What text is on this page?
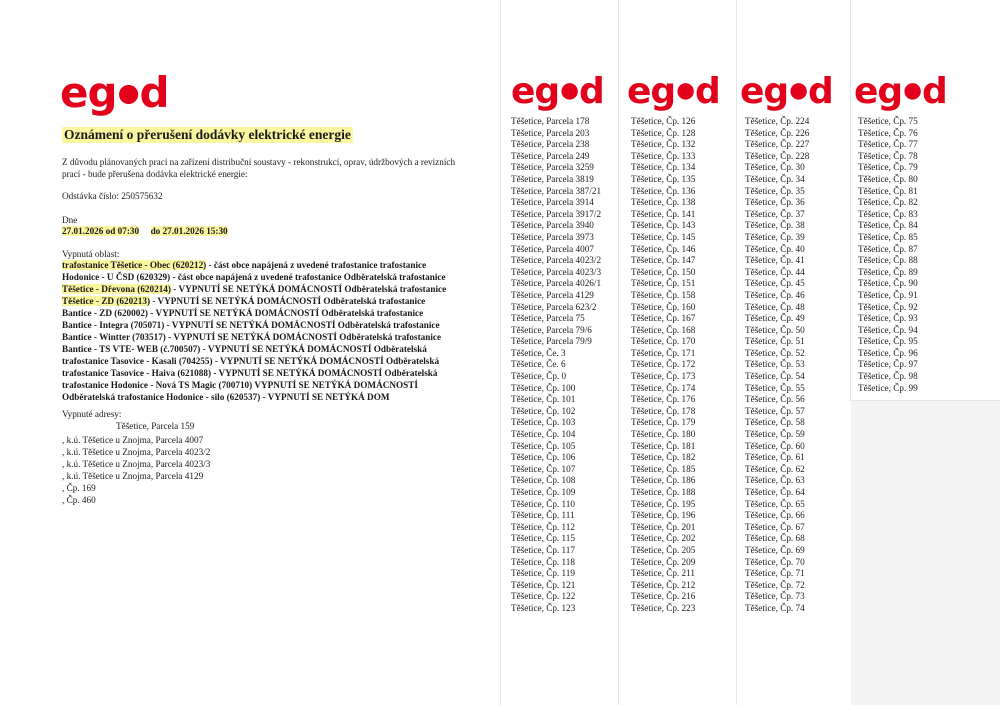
eg●d	eg●d eg●d eg●d eg●d
Oznámení o přerušení dodávky elektrické energie
Z důvodu plánovaných prací na zařízení distribuční soustavy - rekonstrukcí, oprav, údržbových a revizních prací - bude přerušena dodávka elektrické energie:
Odstávka číslo: 250575632
Dne
27.01.2026 od 07:30 do 27.01.2026 15:30
Vypnutá oblast:
trafostanice Těšetice - Obec (620212) - část obce napájená z uvedené trafostanice trafostanice
Hodonice - U ČSD (620329) - část obce napájená z uvedené trafostanice Odběratelská trafostanice
Těšetice - Dřevona (620214) - VYPNUTÍ SE NETÝKÁ DOMÁCNOSTÍ Odběratelská trafostanice
Těšetice - ZD (620213) - VYPNUTÍ SE NETÝKÁ DOMÁCNOSTÍ Odběratelská trafostanice
Bantice - ZD (620002) - VYPNUTÍ SE NETÝKÁ DOMÁCNOSTÍ Odběratelská trafostanice
Bantice - Integra (705071) - VYPNUTÍ SE NETÝKÁ DOMÁCNOSTÍ Odběratelská trafostanice
Bantice - Wintter (703517) - VYPNUTÍ SE NETÝKÁ DOMÁCNOSTÍ Odběratelská trafostanice
Bantice - TS VTE- WEB (č.700507) - VYPNUTÍ SE NETÝKÁ DOMÁCNOSTÍ Odběratelská
trafostanice Tasovice - Kasali (704255) - VYPNUTÍ SE NETÝKÁ DOMÁCNOSTÍ Odběratelská
trafostanice Tasovice - Haiva (621088) - VYPNUTÍ SE NETÝKÁ DOMÁCNOSTÍ Odběratelská
trafostanice Hodonice - Nová TS Magic (700710) VYPNUTÍ SE NETÝKÁ DOMÁCNOSTÍ
Odběratelská trafostanice Hodonice - silo (620537) - VYPNUTÍ SE NETÝKÁ DOM
Vypnuté adresy:
Těšetice, Parcela 159
, k.ú. Těšetice u Znojma, Parcela 4007
, k.ú. Těšetice u Znojma, Parcela 4023/2
, k.ú. Těšetice u Znojma, Parcela 4023/3
, k.ú. Těšetice u Znojma, Parcela 4129
, Čp. 169
, Čp. 460
Těšetice, Parcela 178
Těšetice, Parcela 203
Těšetice, Parcela 238
Těšetice, Parcela 249
Těšetice, Parcela 3259
Těšetice, Parcela 3819
Těšetice, Parcela 387/21
Těšetice, Parcela 3914
Těšetice, Parcela 3917/2
Těšetice, Parcela 3940
Těšetice, Parcela 3973
Těšetice, Parcela 4007
Těšetice, Parcela 4023/2
Těšetice, Parcela 4023/3
Těšetice, Parcela 4026/1
Těšetice, Parcela 4129
Těšetice, Parcela 623/2
Těšetice, Parcela 75
Těšetice, Parcela 79/6
Těšetice, Parcela 79/9
Těšetice, Če. 3
Těšetice, Če. 6
Těšetice, Čp. 0
Těšetice, Čp. 100
Těšetice, Čp. 101
Těšetice, Čp. 102
Těšetice, Čp. 103
Těšetice, Čp. 104
Těšetice, Čp. 105
Těšetice, Čp. 106
Těšetice, Čp. 107
Těšetice, Čp. 108
Těšetice, Čp. 109
Těšetice, Čp. 110
Těšetice, Čp. 111
Těšetice, Čp. 112
Těšetice, Čp. 115
Těšetice, Čp. 117
Těšetice, Čp. 118
Těšetice, Čp. 119
Těšetice, Čp. 121
Těšetice, Čp. 122
Těšetice, Čp. 123
Těšetice, Čp. 126
Těšetice, Čp. 128
Těšetice, Čp. 132
Těšetice, Čp. 133
Těšetice, Čp. 134
Těšetice, Čp. 135
Těšetice, Čp. 136
Těšetice, Čp. 138
Těšetice, Čp. 141
Těšetice, Čp. 143
Těšetice, Čp. 145
Těšetice, Čp. 146
Těšetice, Čp. 147
Těšetice, Čp. 150
Těšetice, Čp. 151
Těšetice, Čp. 158
Těšetice, Čp. 160
Těšetice, Čp. 167
Těšetice, Čp. 168
Těšetice, Čp. 170
Těšetice, Čp. 171
Těšetice, Čp. 172
Těšetice, Čp. 173
Těšetice, Čp. 174
Těšetice, Čp. 176
Těšetice, Čp. 178
Těšetice, Čp. 179
Těšetice, Čp. 180
Těšetice, Čp. 181
Těšetice, Čp. 182
Těšetice, Čp. 185
Těšetice, Čp. 186
Těšetice, Čp. 188
Těšetice, Čp. 195
Těšetice, Čp. 196
Těšetice, Čp. 201
Těšetice, Čp. 202
Těšetice, Čp. 205
Těšetice, Čp. 209
Těšetice, Čp. 211
Těšetice, Čp. 212
Těšetice, Čp. 216
Těšetice, Čp. 223
Těšetice, Čp. 224
Těšetice, Čp. 226
Těšetice, Čp. 227
Těšetice, Čp. 228
Těšetice, Čp. 30
Těšetice, Čp. 34
Těšetice, Čp. 35
Těšetice, Čp. 36
Těšetice, Čp. 37
Těšetice, Čp. 38
Těšetice, Čp. 39
Těšetice, Čp. 40
Těšetice, Čp. 41
Těšetice, Čp. 44
Těšetice, Čp. 45
Těšetice, Čp. 46
Těšetice, Čp. 48
Těšetice, Čp. 49
Těšetice, Čp. 50
Těšetice, Čp. 51
Těšetice, Čp. 52
Těšetice, Čp. 53
Těšetice, Čp. 54
Těšetice, Čp. 55
Těšetice, Čp. 56
Těšetice, Čp. 57
Těšetice, Čp. 58
Těšetice, Čp. 59
Těšetice, Čp. 60
Těšetice, Čp. 61
Těšetice, Čp. 62
Těšetice, Čp. 63
Těšetice, Čp. 64
Těšetice, Čp. 65
Těšetice, Čp. 66
Těšetice, Čp. 67
Těšetice, Čp. 68
Těšetice, Čp. 69
Těšetice, Čp. 70
Těšetice, Čp. 71
Těšetice, Čp. 72
Těšetice, Čp. 73
Těšetice, Čp. 74
Těšetice, Čp. 75
Těšetice, Čp. 76
Těšetice, Čp. 77
Těšetice, Čp. 78
Těšetice, Čp. 79
Těšetice, Čp. 80
Těšetice, Čp. 81
Těšetice, Čp. 82
Těšetice, Čp. 83
Těšetice, Čp. 84
Těšetice, Čp. 85
Těšetice, Čp. 87
Těšetice, Čp. 88
Těšetice, Čp. 89
Těšetice, Čp. 90
Těšetice, Čp. 91
Těšetice, Čp. 92
Těšetice, Čp. 93
Těšetice, Čp. 94
Těšetice, Čp. 95
Těšetice, Čp. 96
Těšetice, Čp. 97
Těšetice, Čp. 98
Těšetice, Čp. 99
